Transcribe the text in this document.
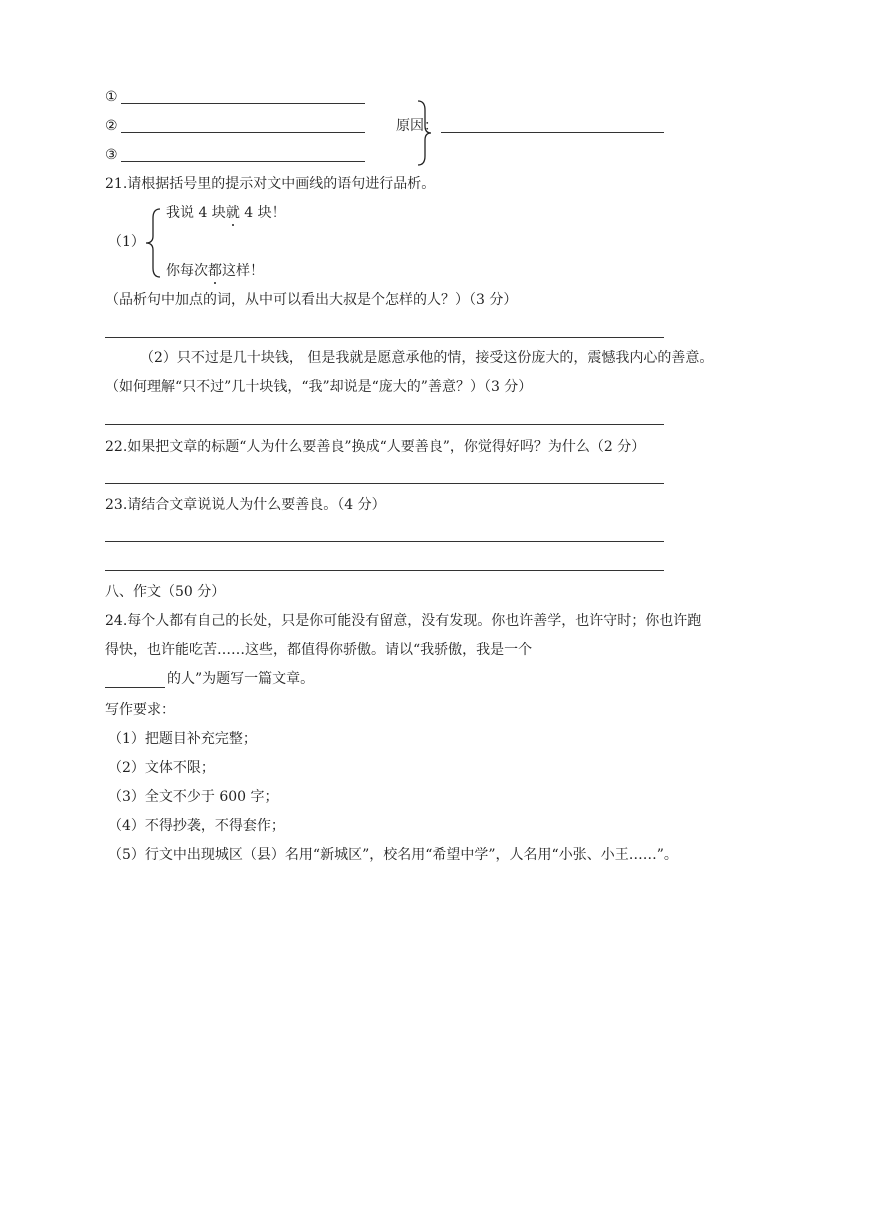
①
②
③
原因：
21.请根据括号里的提示对文中画线的语句进行品析。
（1）
我说 4 块就 4 块！
你每次都这样！
（品析句中加点的词，从中可以看出大叔是个怎样的人？）（3 分）
（2）只不过是几十块钱， 但是我就是愿意承他的情，接受这份庞大的，震憾我内心的善意。
（如何理解“只不过”几十块钱，“我”却说是“庞大的”善意？）（3 分）
22.如果把文章的标题“人为什么要善良”换成“人要善良”，你觉得好吗？为什么（2 分）
23.请结合文章说说人为什么要善良。（4 分）
八、作文（50 分）
24.每个人都有自己的长处，只是你可能没有留意，没有发现。你也许善学，也许守时；你也许跑
得快，也许能吃苦……这些，都值得你骄傲。请以“我骄傲，我是一个
的人”为题写一篇文章。
写作要求：
（1）把题目补充完整；
（2）文体不限；
（3）全文不少于 600 字；
（4）不得抄袭，不得套作；
（5）行文中出现城区（县）名用“新城区”，校名用“希望中学”，人名用“小张、小王……”。
